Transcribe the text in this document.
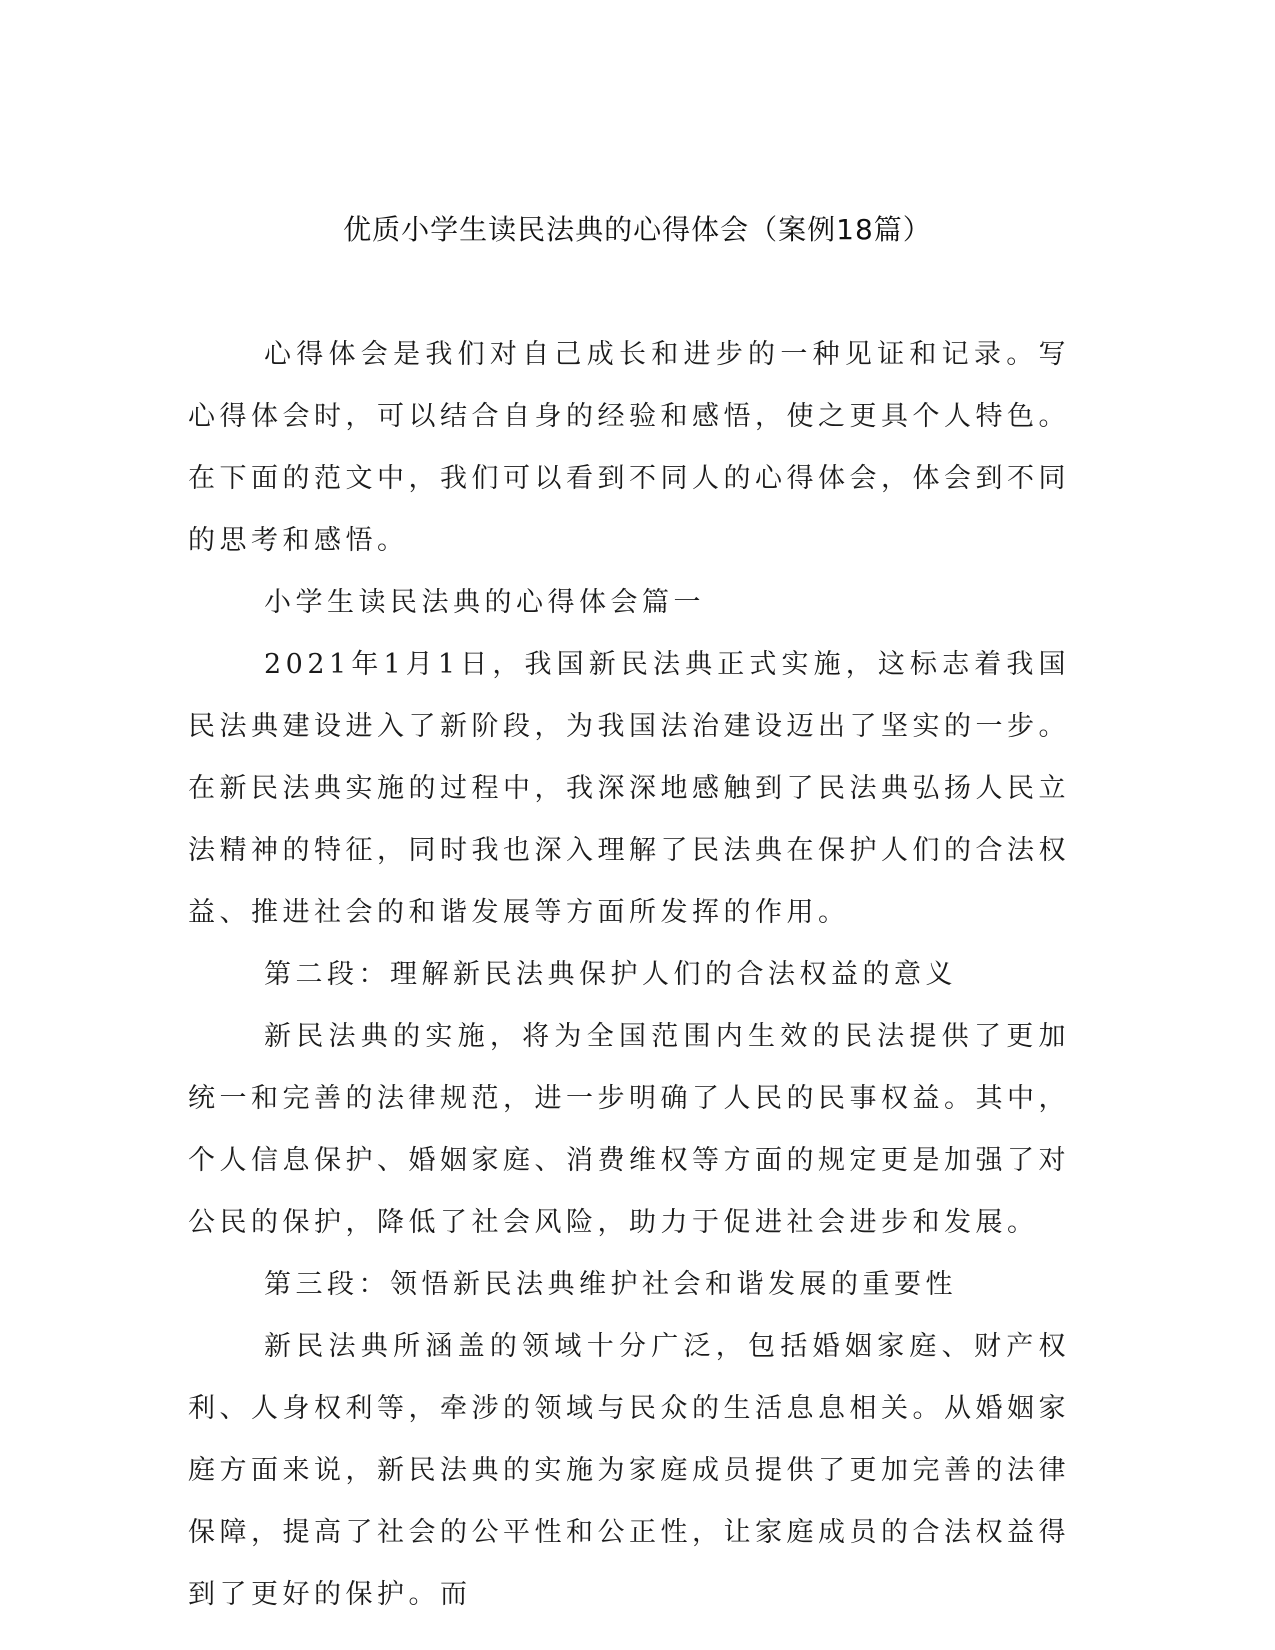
优质小学生读民法典的心得体会（案例18篇）

心得体会是我们对自己成长和进步的一种见证和记录。写心得体会时，可以结合自身的经验和感悟，使之更具个人特色。在下面的范文中，我们可以看到不同人的心得体会，体会到不同的思考和感悟。

小学生读民法典的心得体会篇一

2021年1月1日，我国新民法典正式实施，这标志着我国民法典建设进入了新阶段，为我国法治建设迈出了坚实的一步。在新民法典实施的过程中，我深深地感触到了民法典弘扬人民立法精神的特征，同时我也深入理解了民法典在保护人们的合法权益、推进社会的和谐发展等方面所发挥的作用。

第二段：理解新民法典保护人们的合法权益的意义

新民法典的实施，将为全国范围内生效的民法提供了更加统一和完善的法律规范，进一步明确了人民的民事权益。其中，个人信息保护、婚姻家庭、消费维权等方面的规定更是加强了对公民的保护，降低了社会风险，助力于促进社会进步和发展。

第三段：领悟新民法典维护社会和谐发展的重要性

新民法典所涵盖的领域十分广泛，包括婚姻家庭、财产权利、人身权利等，牵涉的领域与民众的生活息息相关。从婚姻家庭方面来说，新民法典的实施为家庭成员提供了更加完善的法律保障，提高了社会的公平性和公正性，让家庭成员的合法权益得到了更好的保护。而
